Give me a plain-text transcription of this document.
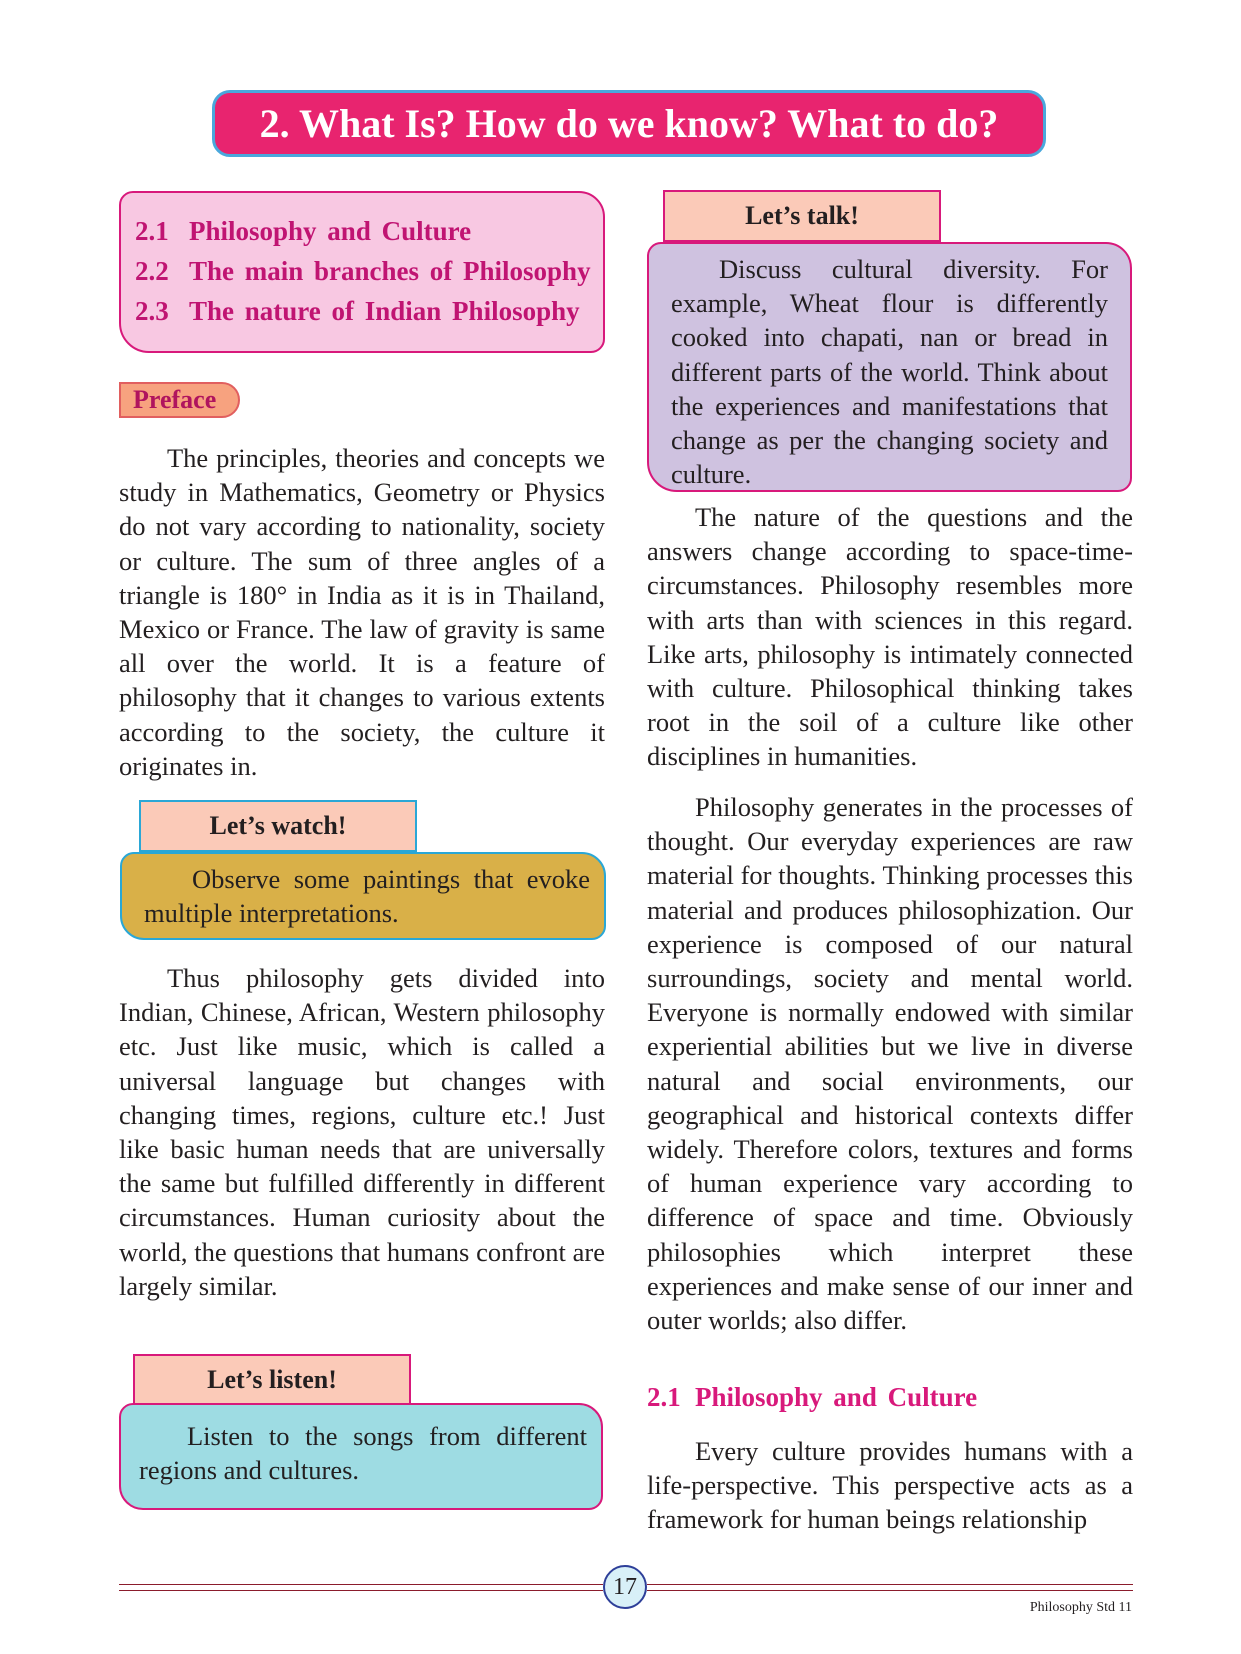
2. What Is? How do we know? What to do?
2.1 Philosophy and Culture
2.2 The main branches of Philosophy
2.3 The nature of Indian Philosophy
Preface

The principles, theories and concepts we study in Mathematics, Geometry or Physics do not vary according to nationality, society or culture. The sum of three angles of a triangle is 180° in India as it is in Thailand, Mexico or France. The law of gravity is same all over the world. It is a feature of philosophy that it changes to various extents according to the society, the culture it originates in.

Let’s watch!
Observe some paintings that evoke multiple interpretations.

Thus philosophy gets divided into Indian, Chinese, African, Western philosophy etc. Just like music, which is called a universal language but changes with changing times, regions, culture etc.! Just like basic human needs that are universally the same but fulfilled differently in different circumstances. Human curiosity about the world, the questions that humans confront are largely similar.

Let’s listen!
Listen to the songs from different regions and cultures.
Let’s talk!
Discuss cultural diversity. For example, Wheat flour is differently cooked into chapati, nan or bread in different parts of the world. Think about the experiences and manifestations that change as per the changing society and culture.

The nature of the questions and the answers change according to space-time-circumstances. Philosophy resembles more with arts than with sciences in this regard. Like arts, philosophy is intimately connected with culture. Philosophical thinking takes root in the soil of a culture like other disciplines in humanities.

Philosophy generates in the processes of thought. Our everyday experiences are raw material for thoughts. Thinking processes this material and produces philosophization. Our experience is composed of our natural surroundings, society and mental world. Everyone is normally endowed with similar experiential abilities but we live in diverse natural and social environments, our geographical and historical contexts differ widely. Therefore colors, textures and forms of human experience vary according to difference of space and time. Obviously philosophies which interpret these experiences and make sense of our inner and outer worlds; also differ.

2.1 Philosophy and Culture

Every culture provides humans with a life-perspective. This perspective acts as a framework for human beings relationship

17
Philosophy Std 11
